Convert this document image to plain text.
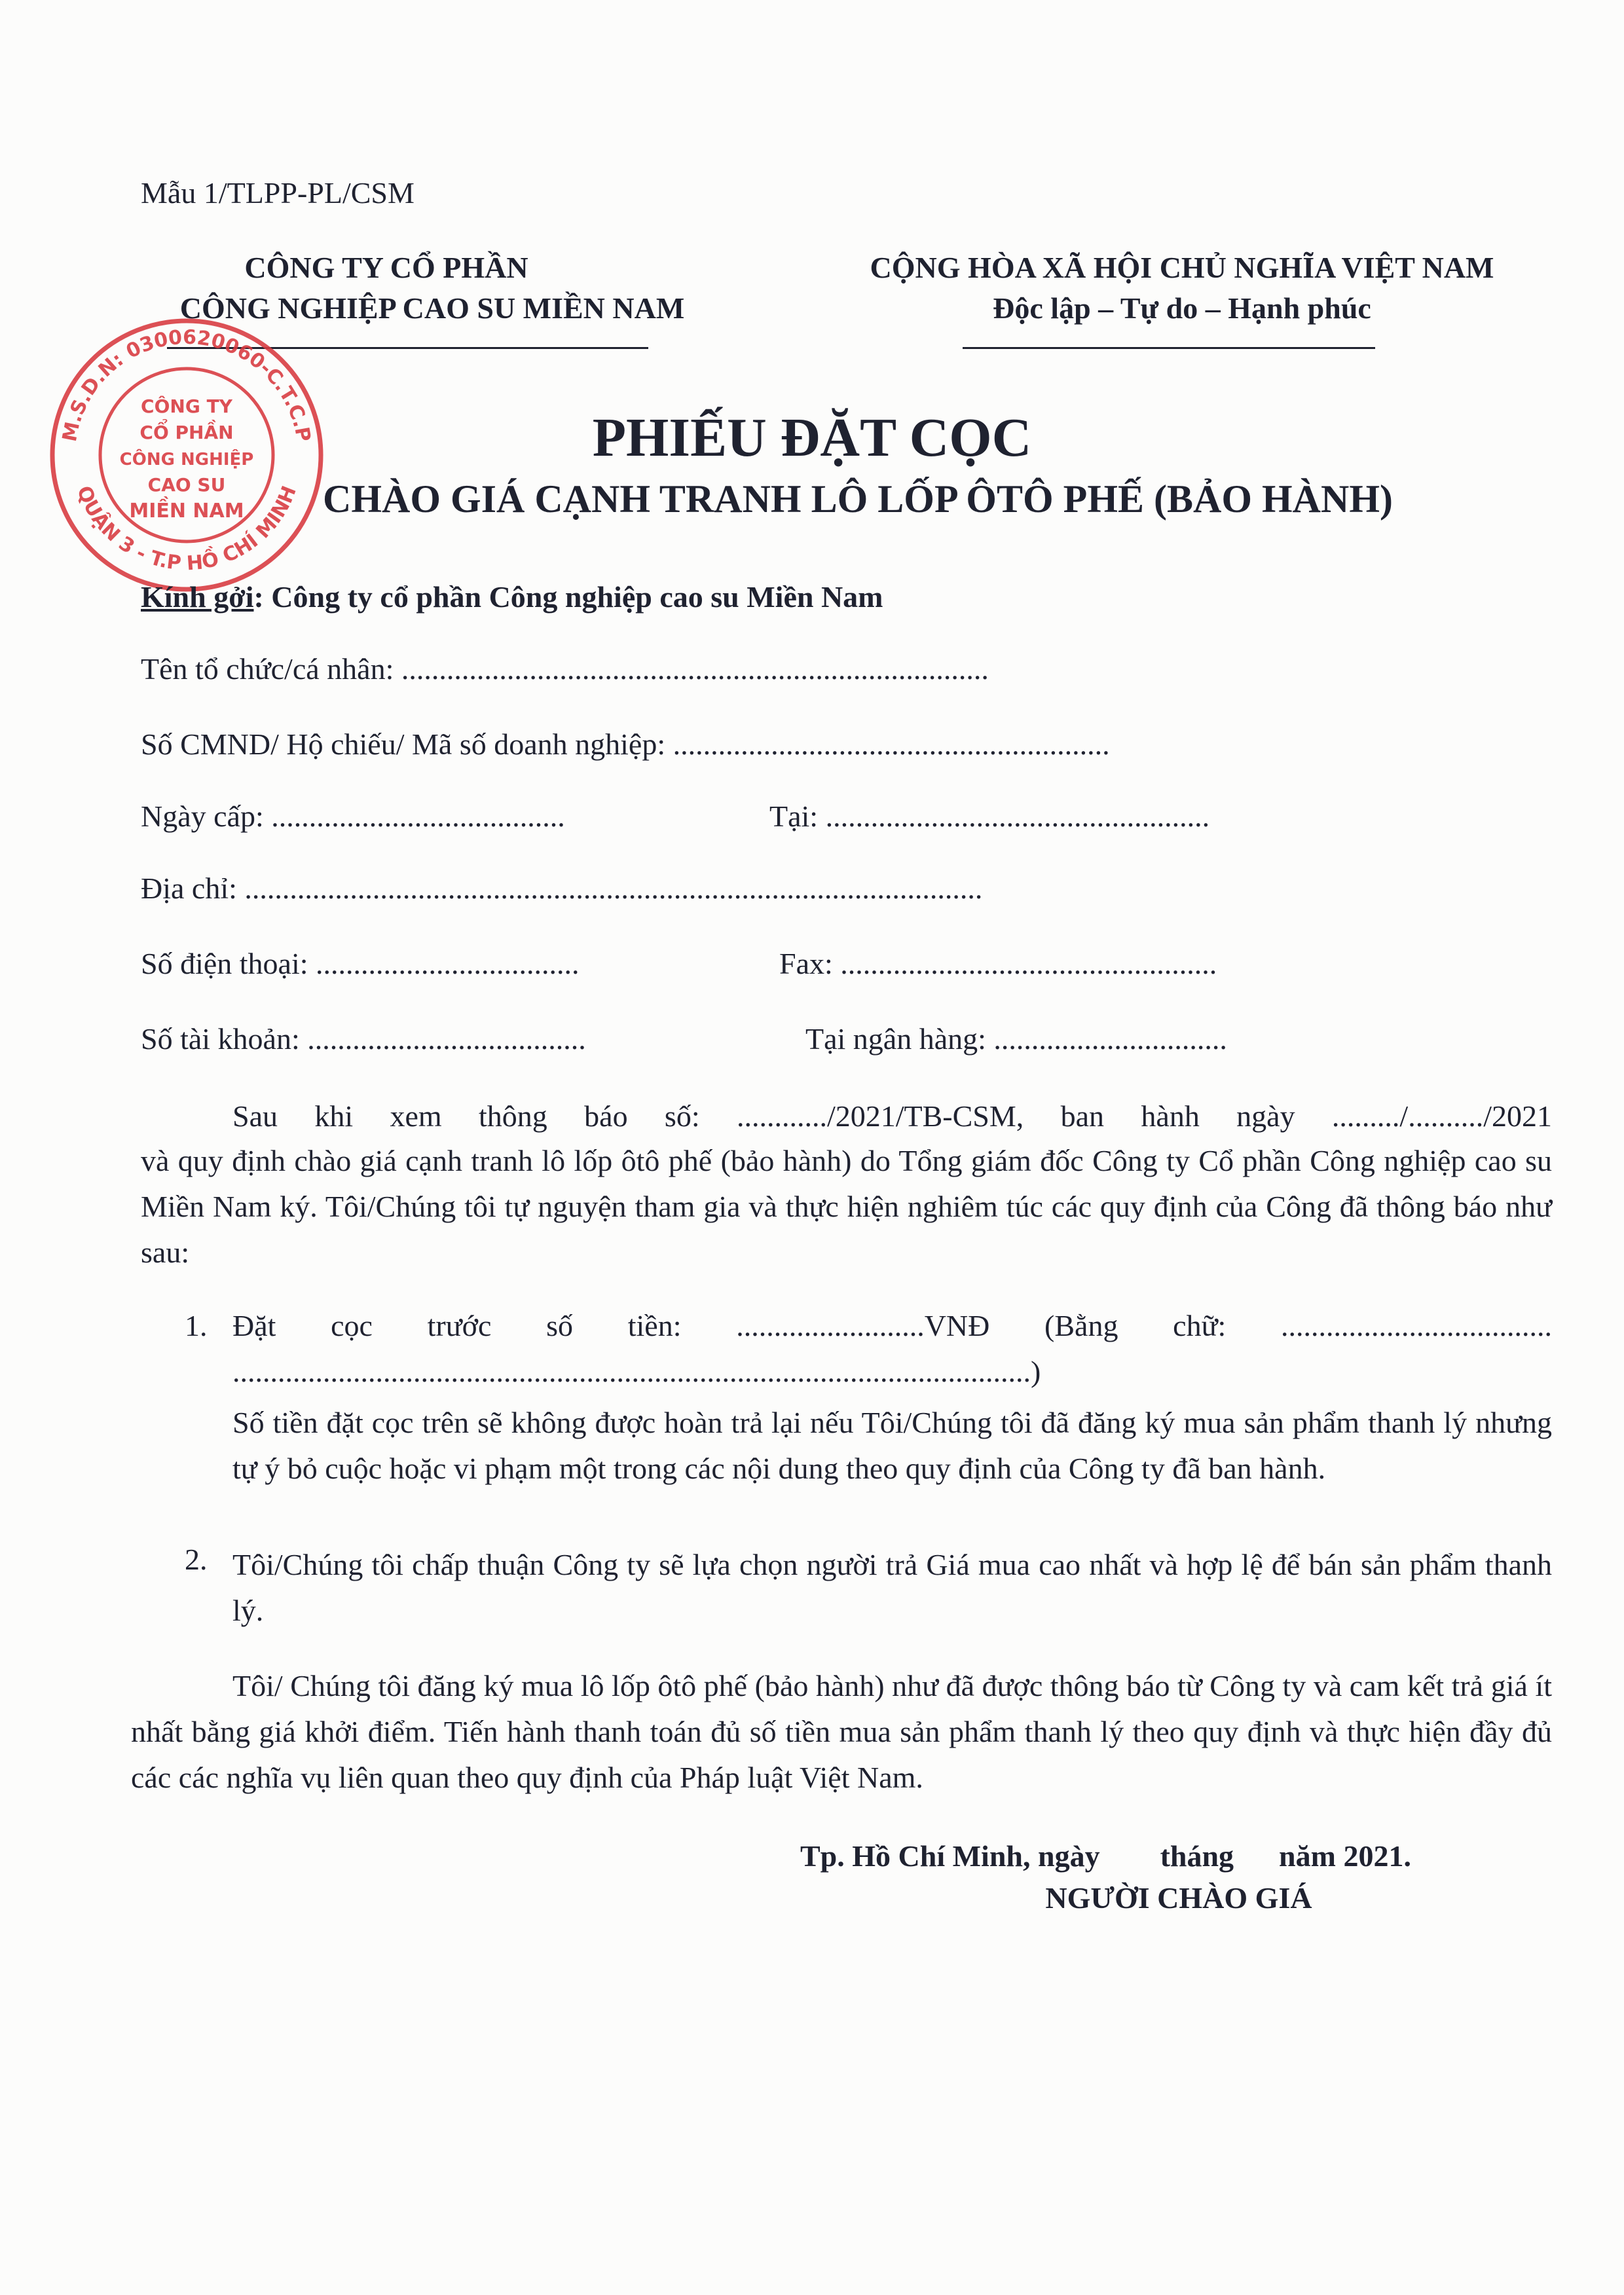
Mẫu 1/TLPP-PL/CSM
CÔNG TY CỔ PHẦN
CÔNG NGHIỆP CAO SU MIỀN NAM
CỘNG HÒA XÃ HỘI CHỦ NGHĨA VIỆT NAM
Độc lập – Tự do – Hạnh phúc
M.S.D.N: 0300620060-C.T.C.P
QUẬN 3 - T.P HỒ CHÍ MINH
CÔNG TY
CỔ PHẦN
CÔNG NGHIỆP
CAO SU
MIỀN NAM
PHIẾU ĐẶT CỌC
CHÀO GIÁ CẠNH TRANH LÔ LỐP ÔTÔ PHẾ (BẢO HÀNH)
Kính gởi: Công ty cổ phần Công nghiệp cao su Miền Nam
Tên tổ chức/cá nhân: ..............................................................................
Số CMND/ Hộ chiếu/ Mã số doanh nghiệp: ..........................................................
Ngày cấp: .......................................	Tại: ...................................................
Địa chỉ: ..................................................................................................
Số điện thoại: ...................................	Fax: ..................................................
Số tài khoản: .....................................	Tại ngân hàng: ...............................
Sau khi xem thông báo số: ............/2021/TB-CSM, ban hành ngày ........./........../2021
và quy định chào giá cạnh tranh lô lốp ôtô phế (bảo hành) do Tổng giám đốc Công ty Cổ phần Công nghiệp cao su Miền Nam ký. Tôi/Chúng tôi tự nguyện tham gia và thực hiện nghiêm túc các quy định của Công đã thông báo như sau:
1. Đặt cọc trước số tiền: .........................VNĐ (Bằng chữ: ....................................
..........................................................................................................)
Số tiền đặt cọc trên sẽ không được hoàn trả lại nếu Tôi/Chúng tôi đã đăng ký mua sản phẩm thanh lý nhưng tự ý bỏ cuộc hoặc vi phạm một trong các nội dung theo quy định của Công ty đã ban hành.
2. Tôi/Chúng tôi chấp thuận Công ty sẽ lựa chọn người trả Giá mua cao nhất và hợp lệ để bán sản phẩm thanh lý.
Tôi/ Chúng tôi đăng ký mua lô lốp ôtô phế (bảo hành) như đã được thông báo từ Công ty và cam kết trả giá ít nhất bằng giá khởi điểm. Tiến hành thanh toán đủ số tiền mua sản phẩm thanh lý theo quy định và thực hiện đầy đủ các các nghĩa vụ liên quan theo quy định của Pháp luật Việt Nam.
Tp. Hồ Chí Minh, ngày        tháng      năm 2021.
NGƯỜI CHÀO GIÁ
